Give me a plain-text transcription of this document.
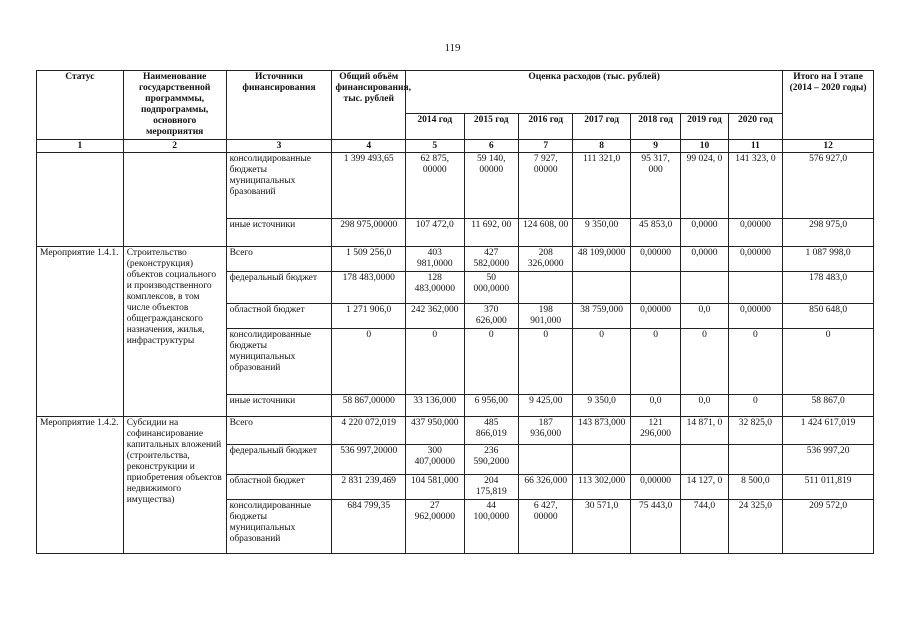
119
Статус	Наименование государственной программмы, подпрограммы, основного мероприятия	Источники финансирования	Общий объём финансирования, тыс. рублей	Оценка расходов (тыс. рублей)							Итого на I этапе (2014 – 2020 годы)
				2014 год	2015 год	2016 год	2017 год	2018 год	2019 год	2020 год	
1	2	3	4	5	6	7	8	9	10	11	12
		консолидированные бюджеты муниципальных бразований	1 399 493,65	62 875, 00000	59 140, 00000	7 927, 00000	111 321,0	95 317, 000	99 024, 0	141 323, 0	576 927,0
		иные источники	298 975,00000	107 472,0	11 692, 00	124 608, 00	9 350,00	45 853,0	0,0000	0,00000	298 975,0
Мероприятие 1.4.1.	Строительство (реконструкция) объектов социального и производственного комплексов, в том числе объектов общегражданского назначения, жилья, инфраструктуры	Всего	1 509 256,0	403 981,0000	427 582,0000	208 326,0000	48 109,0000	0,00000	0,0000	0,00000	1 087 998,0
		федеральный бюджет	178 483,0000	128 483,00000	50 000,0000						178 483,0
		областной бюджет	1 271 906,0	242 362,000	370 626,000	198 901,000	38 759,000	0,00000	0,0	0,00000	850 648,0
		консолидированные бюджеты муниципальных образований	0	0	0	0	0	0	0	0	0
		иные источники	58 867,00000	33 136,000	6 956,00	9 425,00	9 350,0	0,0	0,0	0	58 867,0
Мероприятие 1.4.2.	Субсидии на софинансирование капитальных вложений (строительства, реконструкции и приобретения объектов недвижимого имущества)	Всего	4 220 072,019	437 950,000	485 866,019	187 936,000	143 873,000	121 296,000	14 871, 0	32 825,0	1 424 617,019
		федеральный бюджет	536 997,20000	300 407,00000	236 590,2000						536 997,20
		областной бюджет	2 831 239,469	104 581,000	204 175,819	66 326,000	113 302,000	0,00000	14 127, 0	8 500,0	511 011,819
		консолидированные бюджеты муниципальных образований	684 799,35	27 962,00000	44 100,0000	6 427, 00000	30 571,0	75 443,0	744,0	24 325,0	209 572,0
